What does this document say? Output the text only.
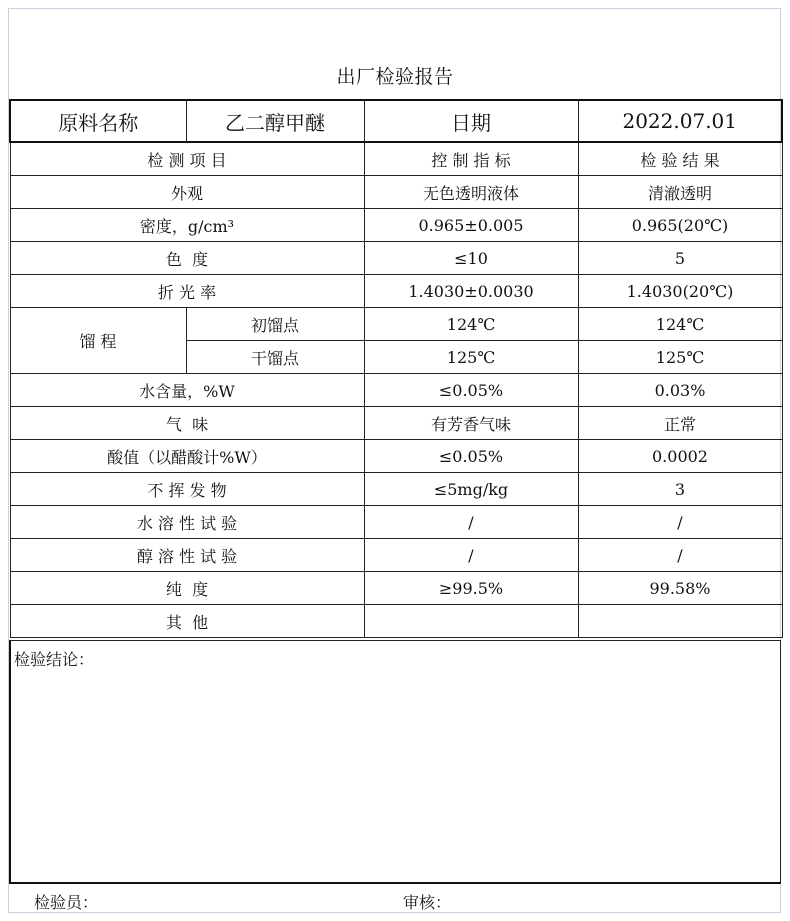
出厂检验报告
原料名称	乙二醇甲醚	日期	2022.07.01
检 测 项 目		控 制 指 标	检 验 结 果
外观		无色透明液体	清澈透明
密度，g/cm³		0.965±0.005	0.965(20℃)
色  度		≤10	5
折 光 率		1.4030±0.0030	1.4030(20℃)
馏 程	初馏点	124℃	124℃
	干馏点	125℃	125℃
水含量，%W		≤0.05%	0.03%
气  味		有芳香气味	正常
酸值（以醋酸计%W）		≤0.05%	0.0002
不 挥 发 物		≤5mg/kg	3
水 溶 性 试 验		/	/
醇 溶 性 试 验		/	/
纯  度		≥99.5%	99.58%
其  他			
检验结论：
检验员：	审核：
